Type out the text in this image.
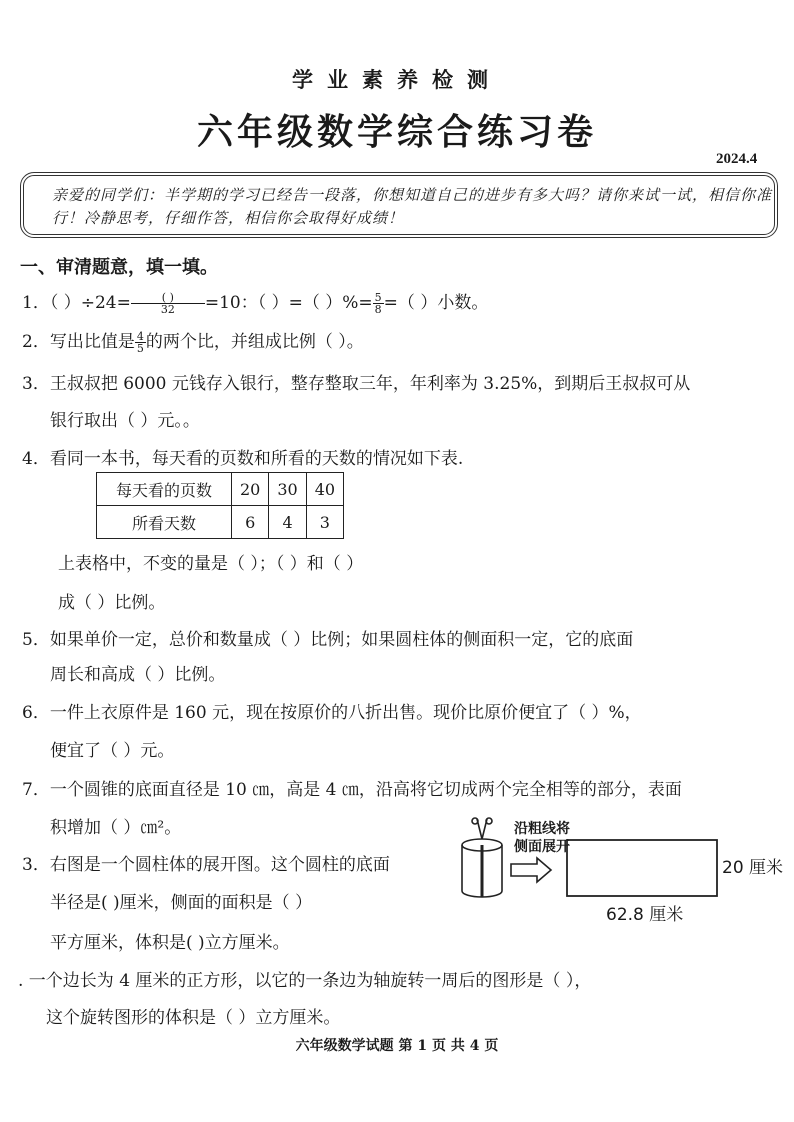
学业素养检测
六年级数学综合练习卷
2024.4
亲爱的同学们：半学期的学习已经告一段落，你想知道自己的进步有多大吗？请你来试一试，相信你准行！冷静思考，仔细作答，相信你会取得好成绩！
一、审清题意，填一填。
1．（ ）$\div 24= \frac{( )}{32} =10$：（ ）=（ ）%= $\frac{5}{8}$ =（ ）小数。
2．写出比值是 $\frac{4}{5}$ 的两个比，并组成比例（ ）。
3．王叔叔把 6000 元钱存入银行，整存整取三年，年利率为 3.25%，到期后王叔叔可从
银行取出（ ）元。。
4．看同一本书，每天看的页数和所看的天数的情况如下表.
每天看的页数	20	30	40
所看天数	6	4	3
上表格中，不变的量是（ ）；（ ）和（ ）
成（ ）比例。
5．如果单价一定，总价和数量成（ ）比例；如果圆柱体的侧面积一定，它的底面
周长和高成（ ）比例。
6．一件上衣原件是 160 元，现在按原价的八折出售。现价比原价便宜了（ ）%，
便宜了（ ）元。
7．一个圆锥的底面直径是 10 ㎝，高是 4 ㎝，沿高将它切成两个完全相等的部分，表面
积增加（ ）㎝²。
3．右图是一个圆柱体的展开图。这个圆柱的底面
半径是( )厘米，侧面的面积是（ ）
平方厘米，体积是( )立方厘米。
沿粗线将
侧面展开
20 厘米
62.8 厘米
. 一个边长为 4 厘米的正方形，以它的一条边为轴旋转一周后的图形是（ ），
这个旋转图形的体积是（ ）立方厘米。
六年级数学试题 第 1 页 共 4 页
